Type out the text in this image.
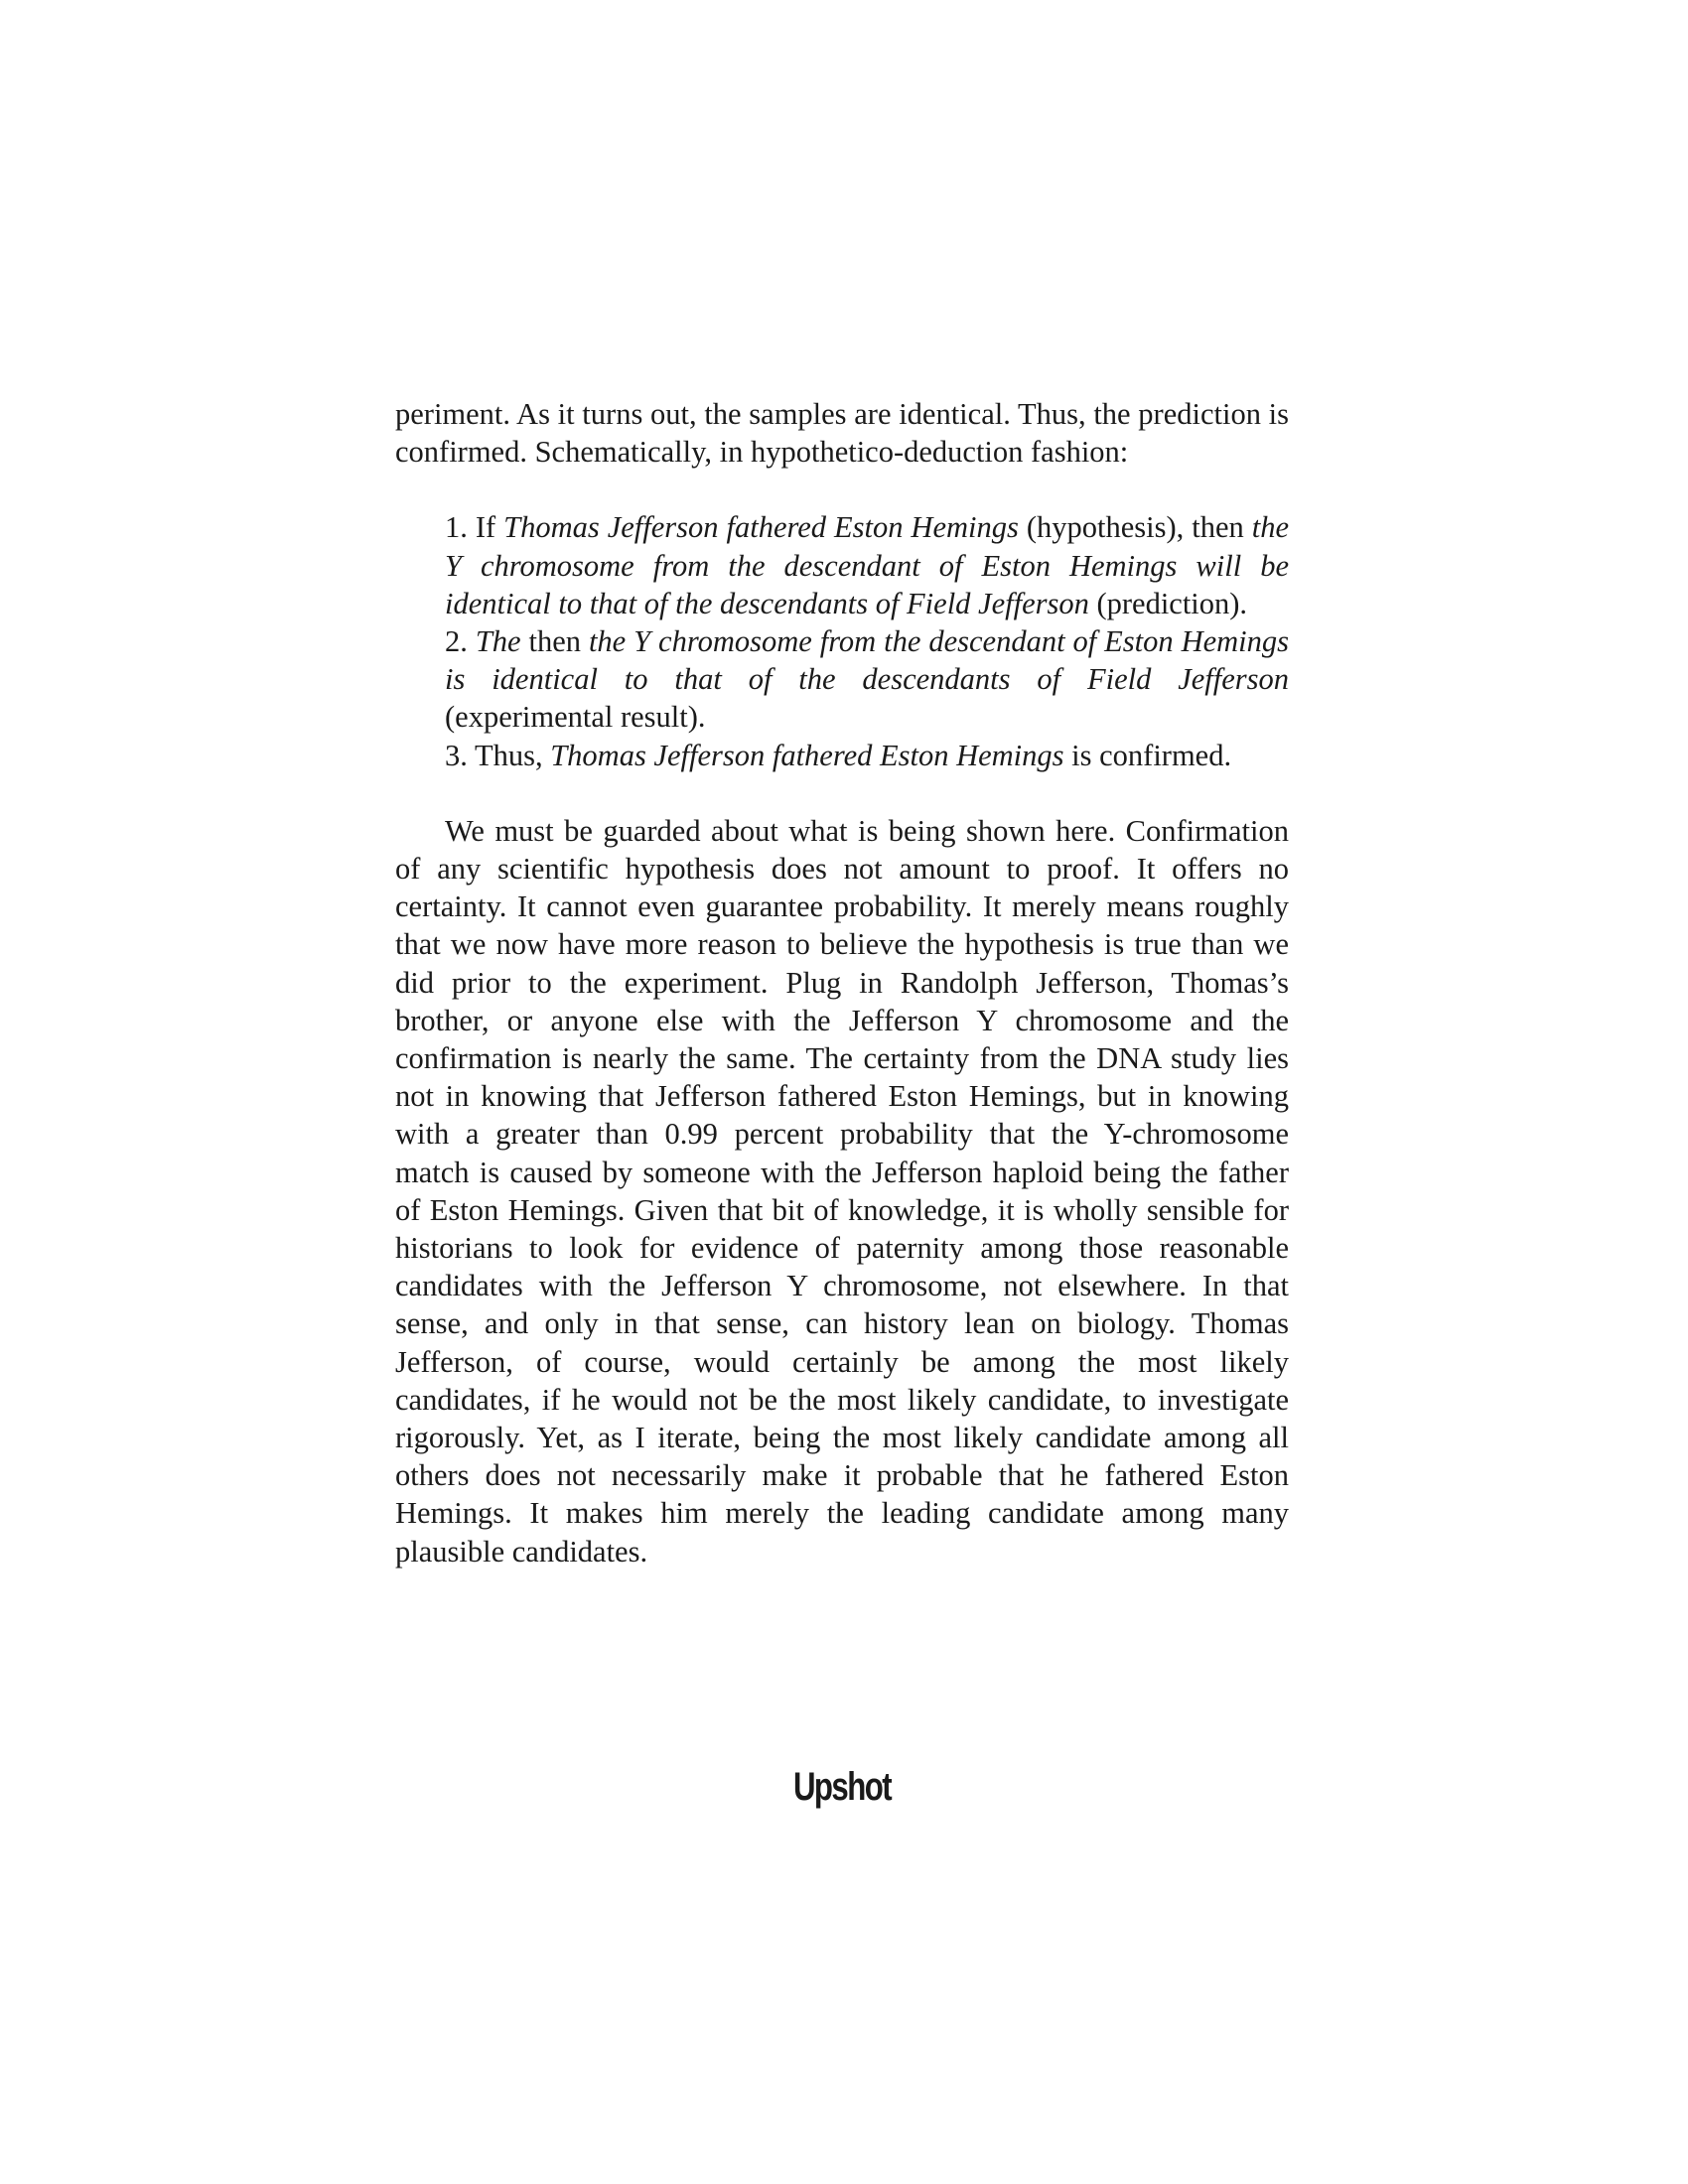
periment. As it turns out, the samples are identical. Thus, the prediction is confirmed. Schematically, in hypothetico-deduction fashion:

1. If Thomas Jefferson fathered Eston Hemings (hypothesis), then the Y chromosome from the descendant of Eston Hemings will be identical to that of the descendants of Field Jefferson (prediction).

2. The then the Y chromosome from the descendant of Eston Hemings is identical to that of the descendants of Field Jefferson (experimental result).

3. Thus, Thomas Jefferson fathered Eston Hemings is confirmed.

We must be guarded about what is being shown here. Confirmation of any scientific hypothesis does not amount to proof. It offers no certainty. It cannot even guarantee probability. It merely means roughly that we now have more reason to believe the hypothesis is true than we did prior to the experiment. Plug in Randolph Jefferson, Thomas’s brother, or anyone else with the Jefferson Y chromosome and the confirmation is nearly the same. The certainty from the DNA study lies not in knowing that Jefferson fathered Eston Hemings, but in knowing with a greater than 0.99 percent probability that the Y-chromosome match is caused by someone with the Jefferson haploid being the father of Eston Hemings. Given that bit of knowledge, it is wholly sensible for historians to look for evidence of paternity among those reasonable candidates with the Jefferson Y chromosome, not elsewhere. In that sense, and only in that sense, can history lean on biology. Thomas Jefferson, of course, would certainly be among the most likely candidates, if he would not be the most likely candidate, to investigate rigorously. Yet, as I iterate, being the most likely candidate among all others does not necessarily make it probable that he fathered Eston Hemings. It makes him merely the leading candidate among many plausible candidates.

Upshot
